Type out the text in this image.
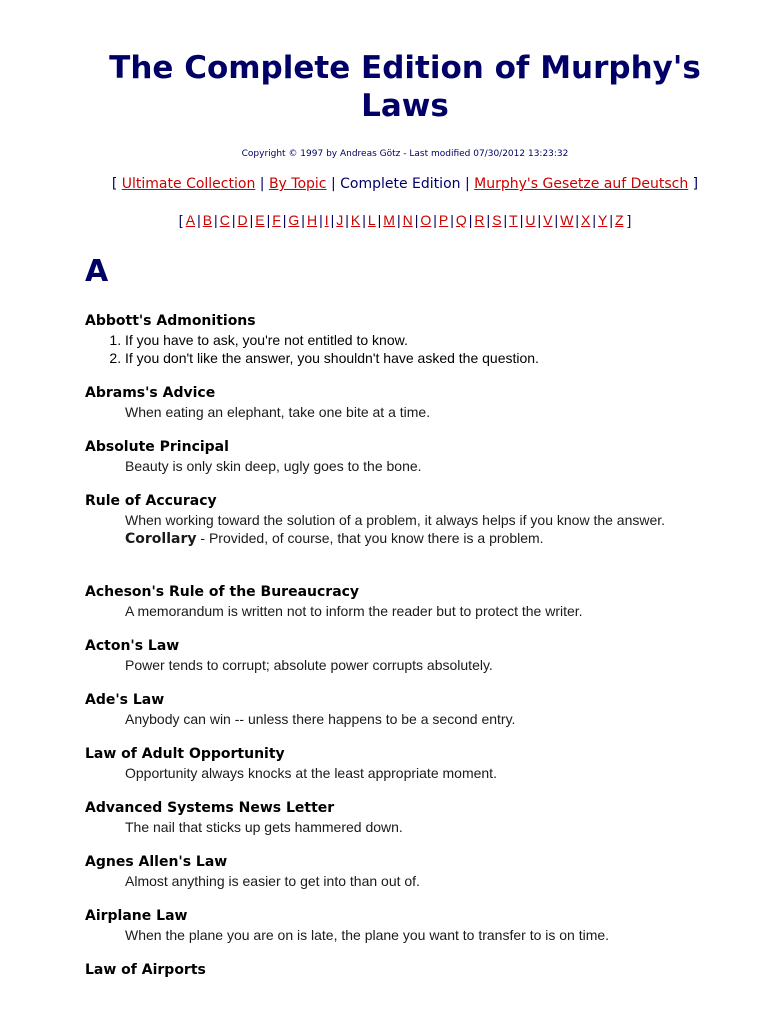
The Complete Edition of Murphy's Laws
Copyright © 1997 by Andreas Götz - Last modified 07/30/2012 13:23:32
[ Ultimate Collection | By Topic | Complete Edition | Murphy's Gesetze auf Deutsch ]
[ A | B | C | D | E | F | G | H | I | J | K | L | M | N | O | P | Q | R | S | T | U | V | W | X | Y | Z ]
A
Abbott's Admonitions
1. If you have to ask, you're not entitled to know.
2. If you don't like the answer, you shouldn't have asked the question.
Abrams's Advice
When eating an elephant, take one bite at a time.
Absolute Principal
Beauty is only skin deep, ugly goes to the bone.
Rule of Accuracy
When working toward the solution of a problem, it always helps if you know the answer.
Corollary - Provided, of course, that you know there is a problem.
Acheson's Rule of the Bureaucracy
A memorandum is written not to inform the reader but to protect the writer.
Acton's Law
Power tends to corrupt; absolute power corrupts absolutely.
Ade's Law
Anybody can win -- unless there happens to be a second entry.
Law of Adult Opportunity
Opportunity always knocks at the least appropriate moment.
Advanced Systems News Letter
The nail that sticks up gets hammered down.
Agnes Allen's Law
Almost anything is easier to get into than out of.
Airplane Law
When the plane you are on is late, the plane you want to transfer to is on time.
Law of Airports
